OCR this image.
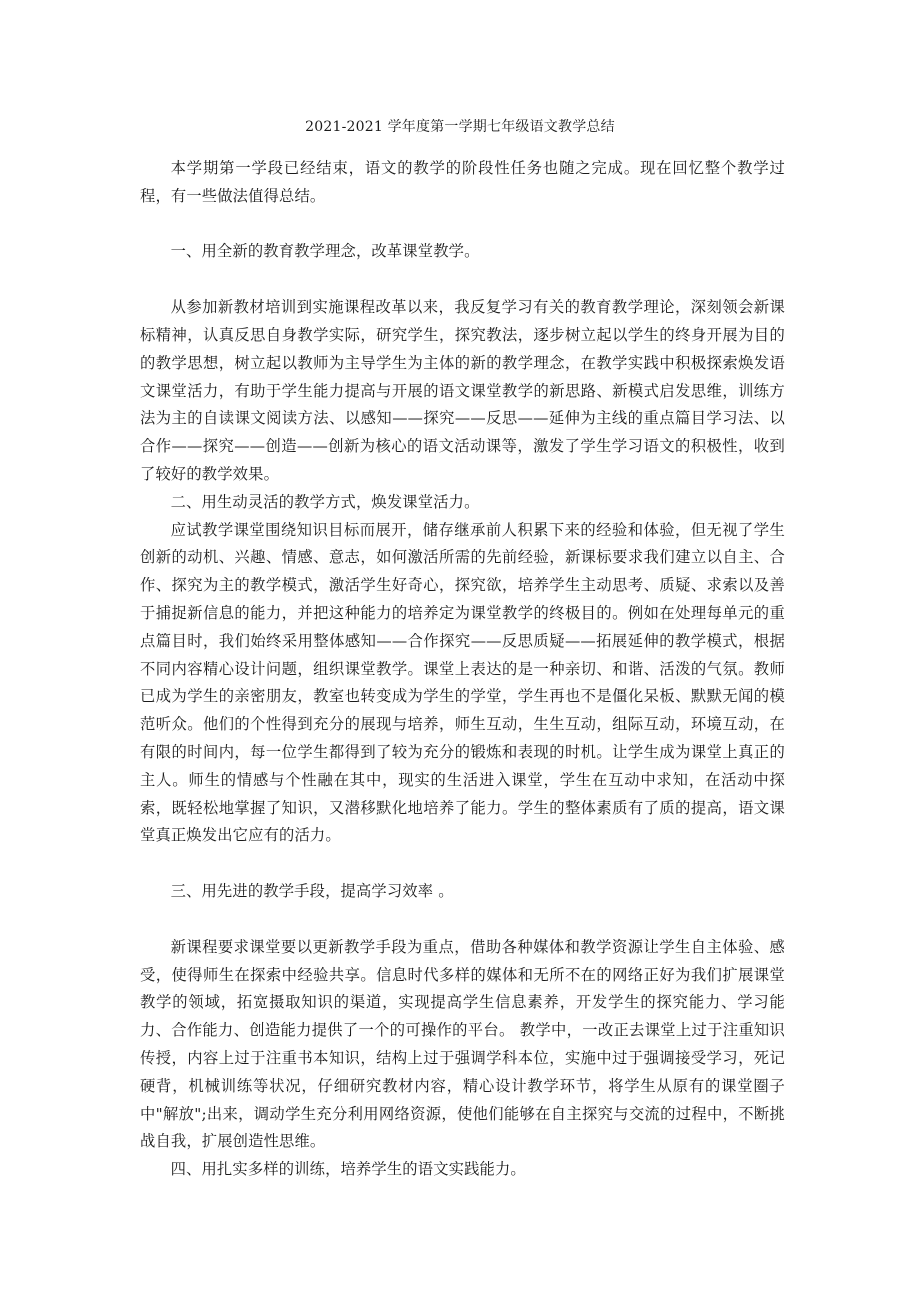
2021-2021 学年度第一学期七年级语文教学总结

本学期第一学段已经结束，语文的教学的阶段性任务也随之完成。现在回忆整个教学过程，有一些做法值得总结。

一、用全新的教育教学理念，改革课堂教学。

从参加新教材培训到实施课程改革以来，我反复学习有关的教育教学理论，深刻领会新课标精神，认真反思自身教学实际，研究学生，探究教法，逐步树立起以学生的终身开展为目的的教学思想，树立起以教师为主导学生为主体的新的教学理念，在教学实践中积极探索焕发语文课堂活力，有助于学生能力提高与开展的语文课堂教学的新思路、新模式启发思维，训练方法为主的自读课文阅读方法、以感知——探究——反思——延伸为主线的重点篇目学习法、以合作——探究——创造——创新为核心的语文活动课等，激发了学生学习语文的积极性，收到了较好的教学效果。

二、用生动灵活的教学方式，焕发课堂活力。

应试教学课堂围绕知识目标而展开，储存继承前人积累下来的经验和体验，但无视了学生创新的动机、兴趣、情感、意志，如何激活所需的先前经验，新课标要求我们建立以自主、合作、探究为主的教学模式，激活学生好奇心，探究欲，培养学生主动思考、质疑、求索以及善于捕捉新信息的能力，并把这种能力的培养定为课堂教学的终极目的。例如在处理每单元的重点篇目时，我们始终采用整体感知——合作探究——反思质疑——拓展延伸的教学模式，根据不同内容精心设计问题，组织课堂教学。课堂上表达的是一种亲切、和谐、活泼的气氛。教师已成为学生的亲密朋友，教室也转变成为学生的学堂，学生再也不是僵化呆板、默默无闻的模范听众。他们的个性得到充分的展现与培养，师生互动，生生互动，组际互动，环境互动，在有限的时间内，每一位学生都得到了较为充分的锻炼和表现的时机。让学生成为课堂上真正的主人。师生的情感与个性融在其中，现实的生活进入课堂，学生在互动中求知，在活动中探索，既轻松地掌握了知识，又潜移默化地培养了能力。学生的整体素质有了质的提高，语文课堂真正焕发出它应有的活力。

三、用先进的教学手段，提高学习效率 。

新课程要求课堂要以更新教学手段为重点，借助各种媒体和教学资源让学生自主体验、感受，使得师生在探索中经验共享。信息时代多样的媒体和无所不在的网络正好为我们扩展课堂教学的领域，拓宽摄取知识的渠道，实现提高学生信息素养，开发学生的探究能力、学习能力、合作能力、创造能力提供了一个的可操作的平台。 教学中，一改正去课堂上过于注重知识传授，内容上过于注重书本知识，结构上过于强调学科本位，实施中过于强调接受学习，死记硬背，机械训练等状况，仔细研究教材内容，精心设计教学环节，将学生从原有的课堂圈子中"解放";出来，调动学生充分利用网络资源，使他们能够在自主探究与交流的过程中，不断挑战自我，扩展创造性思维。

四、用扎实多样的训练，培养学生的语文实践能力。
